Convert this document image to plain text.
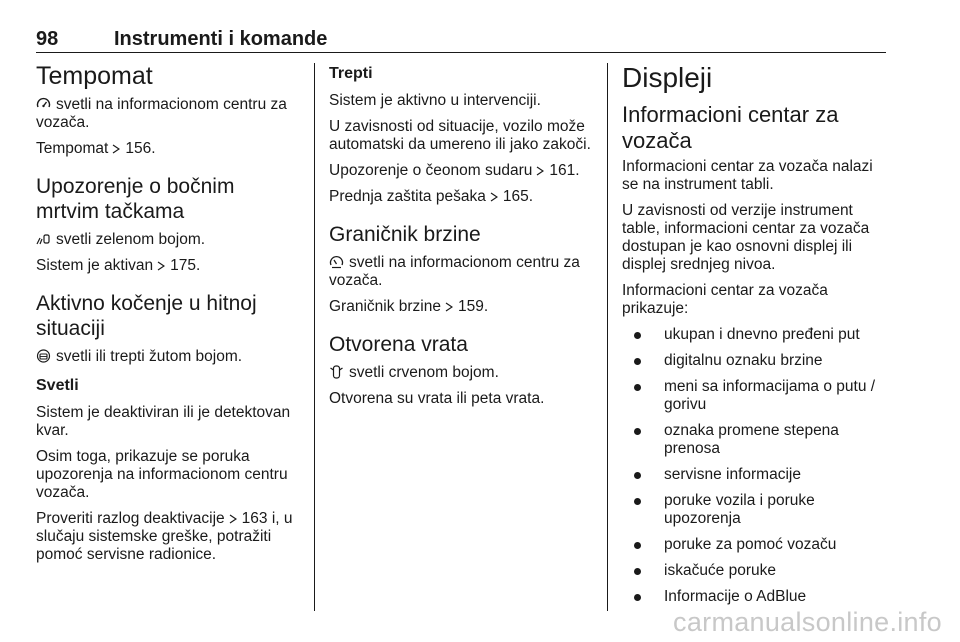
98	Instrumenti i komande
Tempomat

svetli na informacionom centru za vozača.

Tempomat 156.

Upozorenje o bočnim mrtvim tačkama

svetli zelenom bojom.

Sistem je aktivan 175.

Aktivno kočenje u hitnoj situaciji

svetli ili trepti žutom bojom.

Svetli

Sistem je deaktiviran ili je detektovan kvar.

Osim toga, prikazuje se poruka upozorenja na informacionom centru vozača.

Proveriti razlog deaktivacije 163 i, u slučaju sistemske greške, potražiti pomoć servisne radionice.

Trepti

Sistem je aktivno u intervenciji.

U zavisnosti od situacije, vozilo može automatski da umereno ili jako zakoči.

Upozorenje o čeonom sudaru 161.

Prednja zaštita pešaka 165.

Graničnik brzine

svetli na informacionom centru za vozača.

Graničnik brzine 159.

Otvorena vrata

svetli crvenom bojom.

Otvorena su vrata ili peta vrata.

Displeji
Informacioni centar za vozača

Informacioni centar za vozača nalazi se na instrument tabli.

U zavisnosti od verzije instrument table, informacioni centar za vozača dostupan je kao osnovni displej ili displej srednjeg nivoa.

Informacioni centar za vozača prikazuje:

ukupan i dnevno pređeni put
digitalnu oznaku brzine
meni sa informacijama o putu / gorivu
oznaka promene stepena prenosa
servisne informacije
poruke vozila i poruke upozorenja
poruke za pomoć vozaču
iskačuće poruke
Informacije o AdBlue
carmanualsonline.info
